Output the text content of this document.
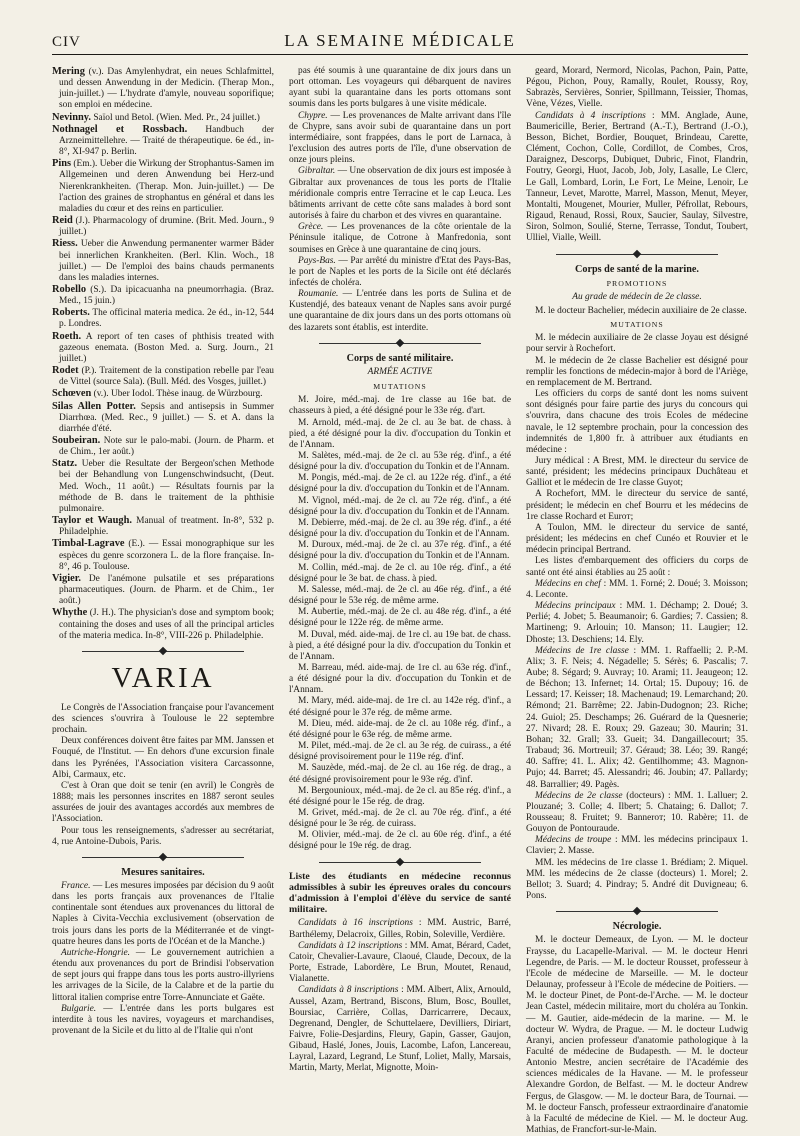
CIV	LA SEMAINE MÉDICALE

Mering (v.). Das Amylenhydrat, ein neues Schlafmittel, und dessen Anwendung in der Medicin. (Therap Mon., juin-juillet.) — L'hydrate d'amyle, nouveau soporifique; son emploi en médecine.

Nevinny. Saïol und Betol. (Wien. Med. Pr., 24 juillet.)

Nothnagel et Rossbach. Handbuch der Arzneimittellehre. — Traité de thérapeutique. 6e éd., in-8°, XI-947 p. Berlin.

Pins (Em.). Ueber die Wirkung der Strophantus-Samen im Allgemeinen und deren Anwendung bei Herz-und Nierenkrankheiten. (Therap. Mon. Juin-juillet.) — De l'action des graines de strophantus en général et dans les maladies du cœur et des reins en particulier.

Reid (J.). Pharmacology of drumine. (Brit. Med. Journ., 9 juillet.)

Riess. Ueber die Anwendung permanenter warmer Bäder bei innerlichen Krankheiten. (Berl. Klin. Woch., 18 juillet.) — De l'emploi des bains chauds permanents dans les maladies internes.

Robello (S.). Da ipicacuanha na pneumorrhagia. (Braz. Med., 15 juin.)

Roberts. The officinal materia medica. 2e éd., in-12, 544 p. Londres.

Roeth. A report of ten cases of phthisis treated with gazeous enemata. (Boston Med. a. Surg. Journ., 21 juillet.)

Rodet (P.). Traitement de la constipation rebelle par l'eau de Vittel (source Sala). (Bull. Méd. des Vosges, juillet.)

Schœven (v.). Uber Iodol. Thèse inaug. de Würzbourg.

Silas Allen Potter. Sepsis and antisepsis in Summer Diarrhœa. (Med. Rec., 9 juillet.) — S. et A. dans la diarrhée d'été.

Soubeiran. Note sur le palo-mabi. (Journ. de Pharm. et de Chim., 1er août.)

Statz. Ueber die Resultate der Bergeon'schen Methode bei der Behandlung von Lungenschwindsucht, (Deut. Med. Woch., 11 août.) — Résultats fournis par la méthode de B. dans le traitement de la phthisie pulmonaire.

Taylor et Waugh. Manual of treatment. In-8°, 532 p. Philadelphie.

Timbal-Lagrave (E.). — Essai monographique sur les espèces du genre scorzonera L. de la flore française. In-8°, 46 p. Toulouse.

Vigier. De l'anémone pulsatile et ses préparations pharmaceutiques. (Journ. de Pharm. et de Chim., 1er août.)

Whythe (J. H.). The physician's dose and symptom book; containing the doses and uses of all the principal articles of the materia medica. In-8°, VIII-226 p. Philadelphie.

VARIA

Le Congrès de l'Association française pour l'avancement des sciences s'ouvrira à Toulouse le 22 septembre prochain.

Deux conférences doivent être faites par MM. Janssen et Fouqué, de l'Institut. — En dehors d'une excursion finale dans les Pyrénées, l'Association visitera Carcassonne, Albi, Carmaux, etc.

C'est à Oran que doit se tenir (en avril) le Congrès de 1888; mais les personnes inscrites en 1887 seront seules assurées de jouir des avantages accordés aux membres de l'Association.

Pour tous les renseignements, s'adresser au secrétariat, 4, rue Antoine-Dubois, Paris.

Mesures sanitaires.

France. — Les mesures imposées par décision du 9 août dans les ports français aux provenances de l'Italie continentale sont étendues aux provenances du littoral de Naples à Civita-Vecchia exclusivement (observation de trois jours dans les ports de la Méditerranée et de vingt-quatre heures dans les ports de l'Océan et de la Manche.)

Autriche-Hongrie. — Le gouvernement autrichien a étendu aux provenances du port de Brindisi l'observation de sept jours qui frappe dans tous les ports austro-illyriens les arrivages de la Sicile, de la Calabre et de la partie du littoral italien comprise entre Torre-Annunciate et Gaëte.

Bulgarie. — L'entrée dans les ports bulgares est interdite à tous les navires, voyageurs et marchandises, provenant de la Sicile et du litto al de l'Italie qui n'ont

pas été soumis à une quarantaine de dix jours dans un port ottoman. Les voyageurs qui débarquent de navires ayant subi la quarantaine dans les ports ottomans sont soumis dans les ports bulgares à une visite médicale.

Chypre. — Les provenances de Malte arrivant dans l'île de Chypre, sans avoir subi de quarantaine dans un port intermédiaire, sont frappées, dans le port de Larnaca, à l'exclusion des autres ports de l'île, d'une observation de onze jours pleins.

Gibraltar. — Une observation de dix jours est imposée à Gibraltar aux provenances de tous les ports de l'Italie méridionale compris entre Terracine et le cap Leuca. Les bâtiments arrivant de cette côte sans malades à bord sont autorisés à faire du charbon et des vivres en quarantaine.

Grèce. — Les provenances de la côte orientale de la Péninsule italique, de Cotrone à Manfredonia, sont soumises en Grèce à une quarantaine de cinq jours.

Pays-Bas. — Par arrêté du ministre d'Etat des Pays-Bas, le port de Naples et les ports de la Sicile ont été déclarés infectés de choléra.

Roumanie. — L'entrée dans les ports de Sulina et de Kustendjé, des bateaux venant de Naples sans avoir purgé une quarantaine de dix jours dans un des ports ottomans où des lazarets sont établis, est interdite.

Corps de santé militaire.
ARMÉE ACTIVE
MUTATIONS

M. Joire, méd.-maj. de 1re classe au 16e bat. de chasseurs à pied, a été désigné pour le 33e rég. d'art.

M. Arnold, méd.-maj. de 2e cl. au 3e bat. de chass. à pied, a été désigné pour la div. d'occupation du Tonkin et de l'Annam.

M. Salètes, méd.-maj. de 2e cl. au 53e rég. d'inf., a été désigné pour la div. d'occupation du Tonkin et de l'Annam.

M. Pongis, méd.-maj. de 2e cl. au 122e rég. d'inf., a été désigné pour la div. d'occupation du Tonkin et de l'Annam.

M. Vignol, méd.-maj. de 2e cl. au 72e rég. d'inf., a été désigné pour la div. d'occupation du Tonkin et de l'Annam.

M. Debierre, méd.-maj. de 2e cl. au 39e rég. d'inf., a été désigné pour la div. d'occupation du Tonkin et de l'Annam.

M. Duroux, méd.-maj. de 2e cl. au 37e rég. d'inf., a été désigné pour la div. d'occupation du Tonkin et de l'Annam.

M. Collin, méd.-maj. de 2e cl. au 10e rég. d'inf., a été désigné pour le 3e bat. de chass. à pied.

M. Salesse, méd.-maj. de 2e cl. au 46e rég. d'inf., a été désigné pour le 53e rég. de même arme.

M. Aubertie, méd.-maj. de 2e cl. au 48e rég. d'inf., a été désigné pour le 122e rég. de même arme.

M. Duval, méd. aide-maj. de 1re cl. au 19e bat. de chass. à pied, a été désigné pour la div. d'occupation du Tonkin et de l'Annam.

M. Barreau, méd. aide-maj. de 1re cl. au 63e rég. d'inf., a été désigné pour la div. d'occupation du Tonkin et de l'Annam.

M. Mary, méd. aide-maj. de 1re cl. au 142e rég. d'inf., a été désigné pour le 37e rég. de même arme.

M. Dieu, méd. aide-maj. de 2e cl. au 108e rég. d'inf., a été désigné pour le 63e rég. de même arme.

M. Pilet, méd.-maj. de 2e cl. au 3e rég. de cuirass., a été désigné provisoirement pour le 119e rég. d'inf.

M. Sauzède, méd.-maj. de 2e cl. au 16e rég. de drag., a été désigné provisoirement pour le 93e rég. d'inf.

M. Bergounioux, méd.-maj. de 2e cl. au 85e rég. d'inf., a été désigné pour le 15e rég. de drag.

M. Grivet, méd.-maj. de 2e cl. au 70e rég. d'inf., a été désigné pour le 3e rég. de cuirass.

M. Olivier, méd.-maj. de 2e cl. au 60e rég. d'inf., a été désigné pour le 19e rég. de drag.

Liste des étudiants en médecine reconnus admissibles à subir les épreuves orales du concours d'admission à l'emploi d'élève du service de santé militaire.

Candidats à 16 inscriptions : MM. Austric, Barré, Barthélemy, Delacroix, Gilles, Robin, Soleville, Verdière.

Candidats à 12 inscriptions : MM. Amat, Bérard, Cadet, Catoir, Chevalier-Lavaure, Claoué, Claude, Decoux, de la Porte, Estrade, Labordère, Le Brun, Moutet, Renaud, Vialanette.

Candidats à 8 inscriptions : MM. Albert, Alix, Arnould, Aussel, Azam, Bertrand, Biscons, Blum, Bosc, Boullet, Boursiac, Carrière, Collas, Darricarrere, Decaux, Degrenand, Dengler, de Schuttelaere, Devilliers, Diriart, Faivre, Folie-Desjardins, Fleury, Gapin, Gasser, Gaujon, Gibaud, Haslé, Jones, Jouis, Lacombe, Lafon, Lancereau, Layral, Lazard, Legrand, Le Stunf, Loliet, Mally, Marsais, Martin, Marty, Merlat, Mignotte, Moin-

geard, Morard, Nermord, Nicolas, Pachon, Pain, Patte, Pégou, Pichon, Pouy, Ramally, Roulet, Roussy, Roy, Sabrazès, Servières, Sonrier, Spillmann, Teissier, Thomas, Vène, Vézes, Vielle.

Candidats à 4 inscriptions : MM. Anglade, Aune, Baumericille, Berier, Bertrand (A.-T.), Bertrand (J.-O.), Besson, Bichet, Bordier, Bouquet, Brindeau, Carette, Clément, Cochon, Colle, Cordillot, de Combes, Cros, Daraignez, Descorps, Dubiquet, Dubric, Finot, Flandrin, Foutry, Georgi, Huot, Jacob, Job, Joly, Lasalle, Le Clerc, Le Gall, Lombard, Lorin, Le Fort, Le Meine, Lenoir, Le Tanneur, Levet, Marotte, Marrel, Masson, Menut, Meyer, Montalti, Mougenet, Mourier, Muller, Péfrollat, Rebours, Rigaud, Renaud, Rossi, Roux, Saucier, Saulay, Silvestre, Siron, Solmon, Soulié, Sterne, Terrasse, Tondut, Toubert, Ulliel, Vialle, Weill.

Corps de santé de la marine.
PROMOTIONS
Au grade de médecin de 2e classe.

M. le docteur Bachelier, médecin auxiliaire de 2e classe.

MUTATIONS

M. le médecin auxiliaire de 2e classe Joyau est désigné pour servir à Rochefort.

M. le médecin de 2e classe Bachelier est désigné pour remplir les fonctions de médecin-major à bord de l'Ariège, en remplacement de M. Bertrand.

Les officiers du corps de santé dont les noms suivent sont désignés pour faire partie des jurys du concours qui s'ouvrira, dans chacune des trois Ecoles de médecine navale, le 12 septembre prochain, pour la concession des indemnités de 1,800 fr. à attribuer aux étudiants en médecine :

Jury médical : A Brest, MM. le directeur du service de santé, président; les médecins principaux Duchâteau et Galliot et le médecin de 1re classe Guyot;

A Rochefort, MM. le directeur du service de santé, président; le médecin en chef Bourru et les médecins de 1re classe Rochard et Euroт;

A Toulon, MM. le directeur du service de santé, président; les médecins en chef Cunéo et Rouvier et le médecin principal Bertrand.

Les listes d'embarquement des officiers du corps de santé ont été ainsi établies au 25 août :

Médecins en chef : MM. 1. Forné; 2. Doué; 3. Moisson; 4. Leconte.

Médecins principaux : MM. 1. Déchamp; 2. Doué; 3. Perlié; 4. Jobet; 5. Beaumanoir; 6. Gardies; 7. Cassien; 8. Martineng; 9. Arlouin; 10. Manson; 11. Laugier; 12. Dhoste; 13. Deschiens; 14. Ely.

Médecins de 1re classe : MM. 1. Raffaelli; 2. P.-M. Alix; 3. F. Neis; 4. Négadelle; 5. Sérès; 6. Pascalis; 7. Aube; 8. Ségard; 9. Auvray; 10. Arami; 11. Jeaugeon; 12. de Béchon; 13. Infernet; 14. Ortal; 15. Dupouy; 16. de Lessard; 17. Keisser; 18. Machenaud; 19. Lemarchand; 20. Rémond; 21. Barrême; 22. Jabin-Dudognon; 23. Riche; 24. Guiol; 25. Deschamps; 26. Guérard de la Quesnerie; 27. Nivard; 28. E. Roux; 29. Gazeau; 30. Maurin; 31. Bohan; 32. Grall; 33. Gueit; 34. Dangaillecourt; 35. Trabaud; 36. Mortreuil; 37. Géraud; 38. Léo; 39. Rangé; 40. Saffre; 41. L. Alix; 42. Gentilhomme; 43. Magnon-Pujo; 44. Barret; 45. Alessandri; 46. Joubin; 47. Pallardy; 48. Barrallier; 49. Pagès.

Médecins de 2e classe (docteurs) : MM. 1. Lalluer; 2. Plouzané; 3. Colle; 4. Ilbert; 5. Chataing; 6. Dallot; 7. Rousseau; 8. Fruitet; 9. Banneroт; 10. Rabère; 11. de Gouyon de Pontouraude.

Médecins de troupe : MM. les médecins principaux 1. Clavier; 2. Masse.

MM. les médecins de 1re classe 1. Brédiam; 2. Miquel. MM. les médecins de 2e classe (docteurs) 1. Morel; 2. Bellot; 3. Suard; 4. Pindray; 5. André dit Duvigneau; 6. Pons.

Nécrologie.

M. le docteur Demeaux, de Lyon. — M. le docteur Fraysse, du Lacapelle-Marival. — M. le docteur Henri Legendre, de Paris. — M. le docteur Rousset, professeur à l'Ecole de médecine de Marseille. — M. le docteur Delaunay, professeur à l'Ecole de médecine de Poitiers. — M. le docteur Pinet, de Pont-de-l'Arche. — M. le docteur Jean Castel, médecin militaire, mort du choléra au Tonkin. — M. Gautier, aide-médecin de la marine. — M. le docteur W. Wydra, de Prague. — M. le docteur Ludwig Aranyi, ancien professeur d'anatomie pathologique à la Faculté de médecine de Budapesth. — M. le docteur Antonio Mestre, ancien secrétaire de l'Académie des sciences médicales de la Havane. — M. le professeur Alexandre Gordon, de Belfast. — M. le docteur Andrew Fergus, de Glasgow. — M. le docteur Bara, de Tournai. — M. le docteur Fansch, professeur extraordinaire d'anatomie à la Faculté de médecine de Kiel. — M. le docteur Aug. Mathias, de Francfort-sur-le-Main.
